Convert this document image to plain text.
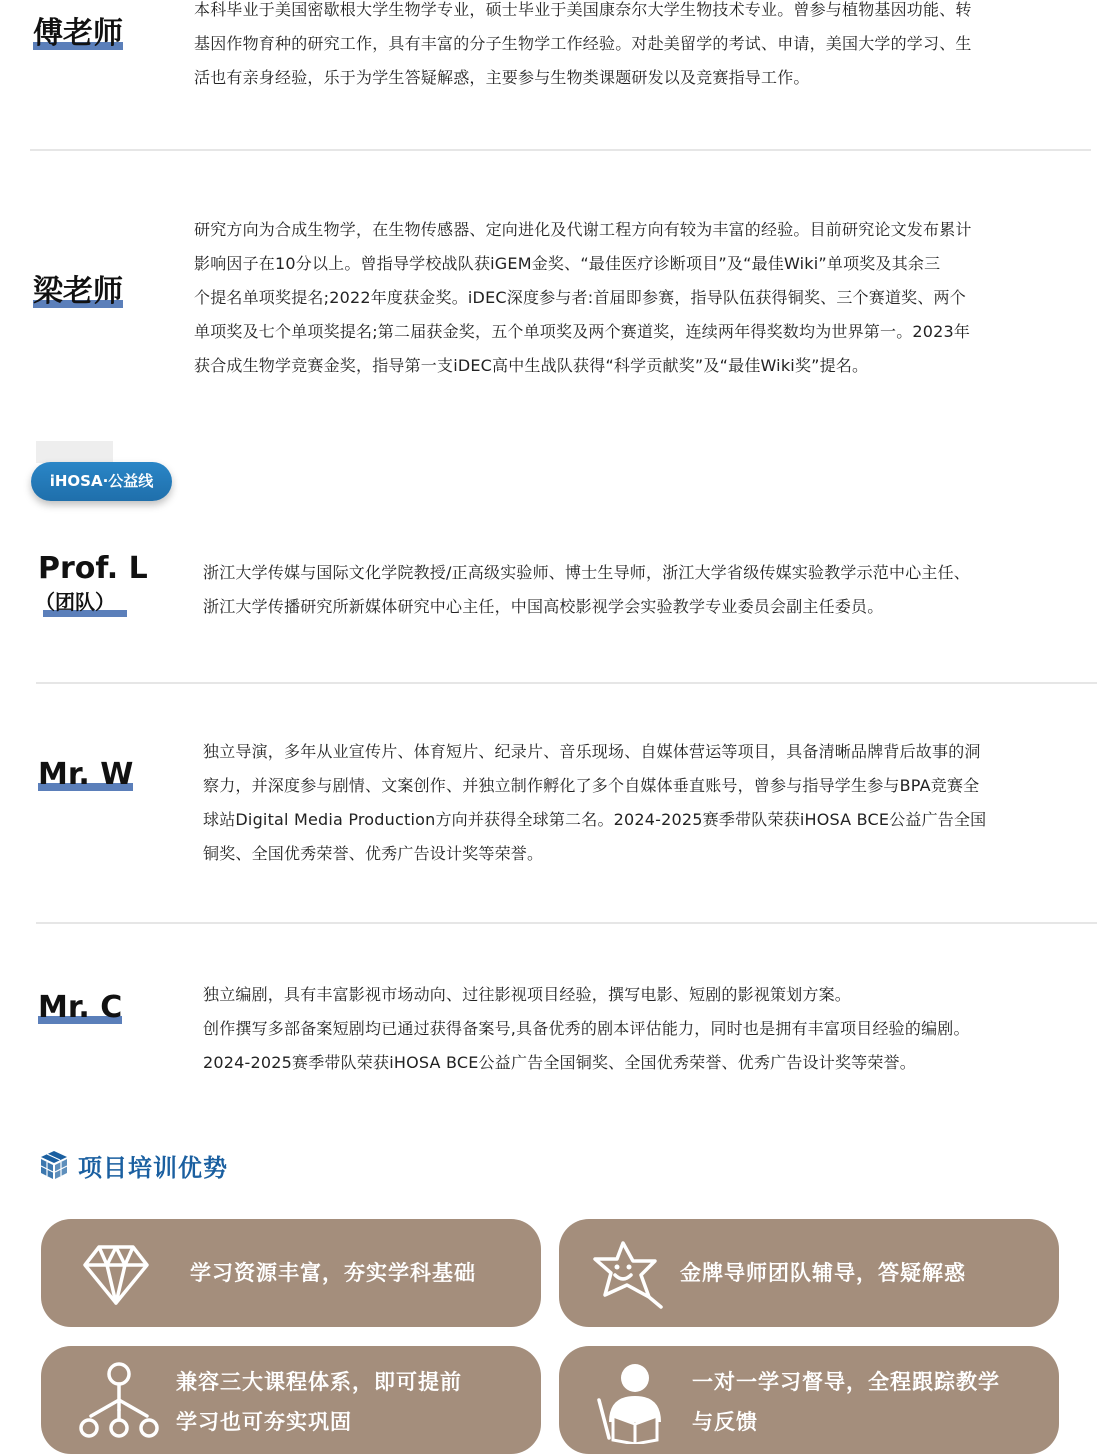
傅老师

本科毕业于美国密歇根大学生物学专业，硕士毕业于美国康奈尔大学生物技术专业。曾参与植物基因功能、转

基因作物育种的研究工作，具有丰富的分子生物学工作经验。对赴美留学的考试、申请，美国大学的学习、生

活也有亲身经验，乐于为学生答疑解惑，主要参与生物类课题研发以及竞赛指导工作。

梁老师

研究方向为合成生物学，在生物传感器、定向进化及代谢工程方向有较为丰富的经验。目前研究论文发布累计

影响因子在10分以上。曾指导学校战队获iGEM金奖、“最佳医疗诊断项目”及“最佳Wiki”单项奖及其余三

个提名单项奖提名;2022年度获金奖。iDEC深度参与者:首届即参赛，指导队伍获得铜奖、三个赛道奖、两个

单项奖及七个单项奖提名;第二届获金奖，五个单项奖及两个赛道奖，连续两年得奖数均为世界第一。2023年

获合成生物学竞赛金奖，指导第一支iDEC高中生战队获得“科学贡献奖”及“最佳Wiki奖”提名。

iHOSA·公益线
Prof. L
（团队）

浙江大学传媒与国际文化学院教授/正高级实验师、博士生导师，浙江大学省级传媒实验教学示范中心主任、

浙江大学传播研究所新媒体研究中心主任，中国高校影视学会实验教学专业委员会副主任委员。

Mr. W

独立导演，多年从业宣传片、体育短片、纪录片、音乐现场、自媒体营运等项目，具备清晰品牌背后故事的洞

察力，并深度参与剧情、文案创作、并独立制作孵化了多个自媒体垂直账号，曾参与指导学生参与BPA竞赛全

球站Digital Media Production方向并获得全球第二名。2024-2025赛季带队荣获iHOSA BCE公益广告全国

铜奖、全国优秀荣誉、优秀广告设计奖等荣誉。

Mr. C	独立编剧，具有丰富影视市场动向、过往影视项目经验，撰写电影、短剧的影视策划方案。

创作撰写多部备案短剧均已通过获得备案号,具备优秀的剧本评估能力，同时也是拥有丰富项目经验的编剧。

2024-2025赛季带队荣获iHOSA BCE公益广告全国铜奖、全国优秀荣誉、优秀广告设计奖等荣誉。

项目培训优势
学习资源丰富，夯实学科基础	金牌导师团队辅导，答疑解惑
兼容三大课程体系，即可提前
学习也可夯实巩固
一对一学习督导，全程跟踪教学
与反馈
